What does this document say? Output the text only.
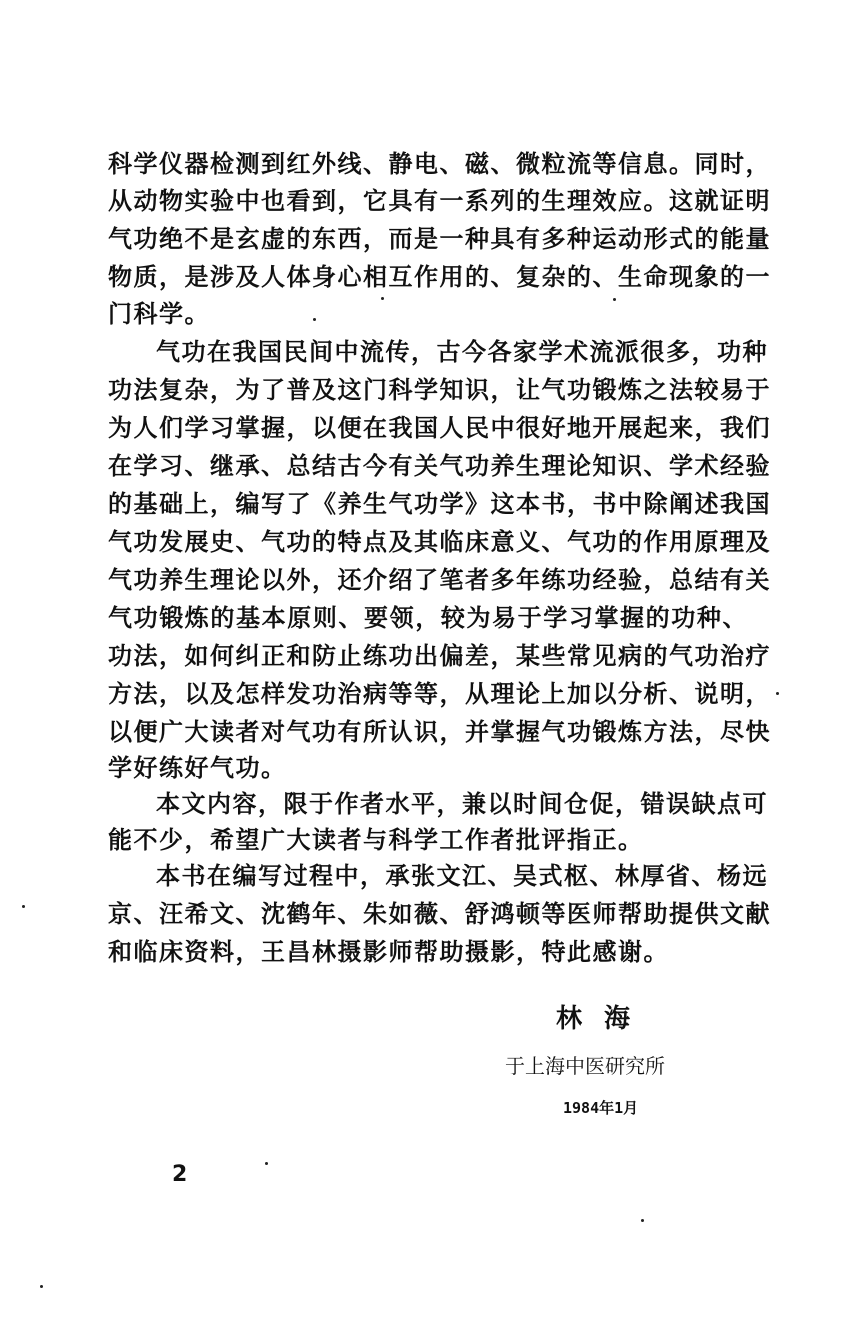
科学仪器检测到红外线、静电、磁、微粒流等信息。同时，
从动物实验中也看到，它具有一系列的生理效应。这就证明
气功绝不是玄虚的东西，而是一种具有多种运动形式的能量
物质，是涉及人体身心相互作用的、复杂的、生命现象的一
门科学。
气功在我国民间中流传，古今各家学术流派很多，功种
功法复杂，为了普及这门科学知识，让气功锻炼之法较易于
为人们学习掌握，以便在我国人民中很好地开展起来，我们
在学习、继承、总结古今有关气功养生理论知识、学术经验
的基础上，编写了《养生气功学》这本书，书中除阐述我国
气功发展史、气功的特点及其临床意义、气功的作用原理及
气功养生理论以外，还介绍了笔者多年练功经验，总结有关
气功锻炼的基本原则、要领，较为易于学习掌握的功种、
功法，如何纠正和防止练功出偏差，某些常见病的气功治疗
方法，以及怎样发功治病等等，从理论上加以分析、说明，
以便广大读者对气功有所认识，并掌握气功锻炼方法，尽快
学好练好气功。
本文内容，限于作者水平，兼以时间仓促，错误缺点可
能不少，希望广大读者与科学工作者批评指正。
本书在编写过程中，承张文江、吴式枢、林厚省、杨远
京、汪希文、沈鹤年、朱如薇、舒鸿顿等医师帮助提供文献
和临床资料，王昌林摄影师帮助摄影，特此感谢。
林海
于上海中医研究所
1984年1月
2
